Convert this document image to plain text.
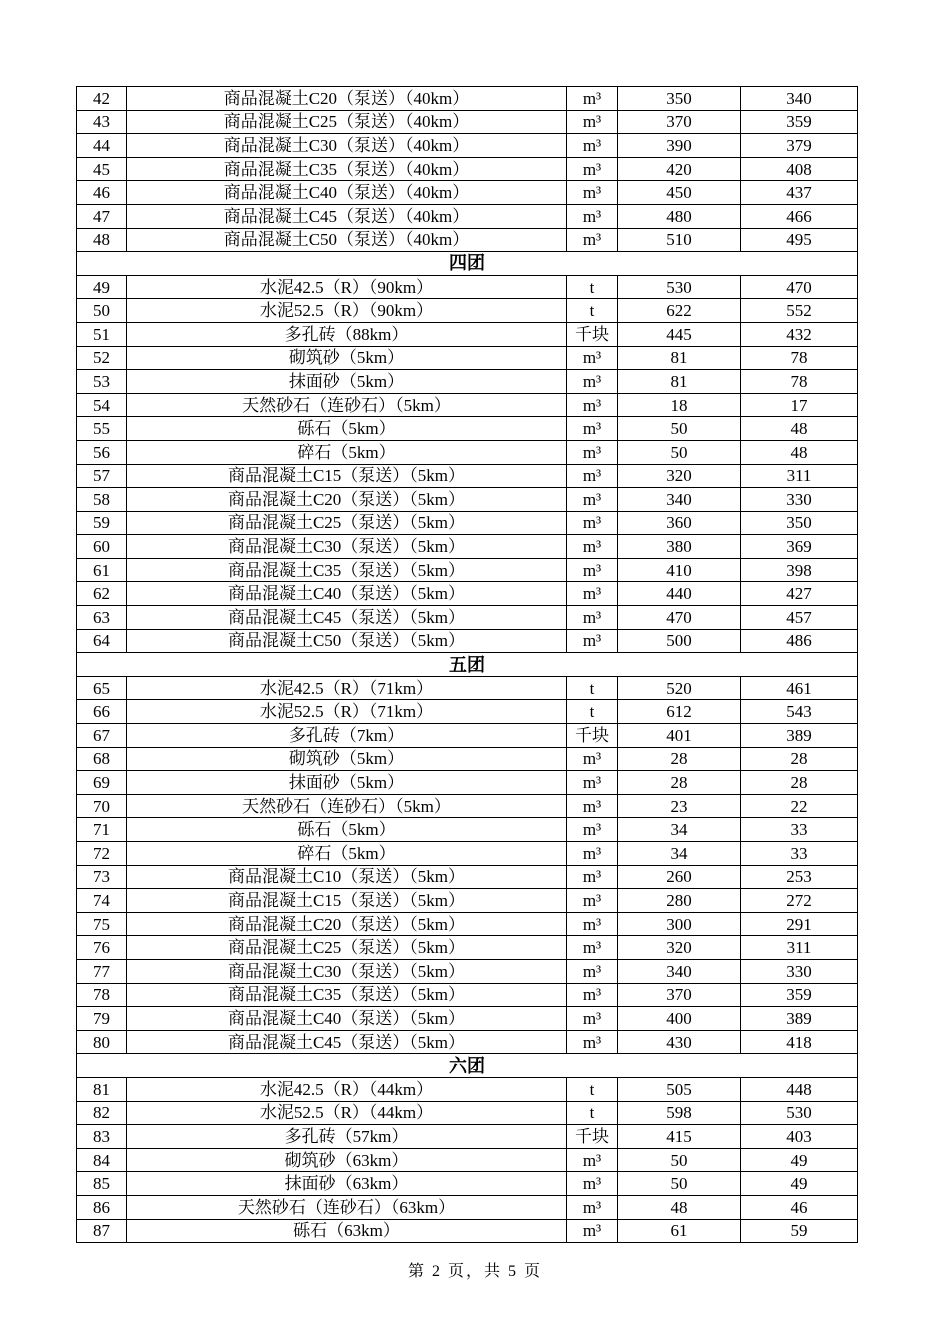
42	商品混凝土C20（泵送）（40km）	m³	350	340
43	商品混凝土C25（泵送）（40km）	m³	370	359
44	商品混凝土C30（泵送）（40km）	m³	390	379
45	商品混凝土C35（泵送）（40km）	m³	420	408
46	商品混凝土C40（泵送）（40km）	m³	450	437
47	商品混凝土C45（泵送）（40km）	m³	480	466
48	商品混凝土C50（泵送）（40km）	m³	510	495
四团				
49	水泥42.5（R）（90km）	t	530	470
50	水泥52.5（R）（90km）	t	622	552
51	多孔砖（88km）	千块	445	432
52	砌筑砂（5km）	m³	81	78
53	抹面砂（5km）	m³	81	78
54	天然砂石（连砂石）（5km）	m³	18	17
55	砾石（5km）	m³	50	48
56	碎石（5km）	m³	50	48
57	商品混凝土C15（泵送）（5km）	m³	320	311
58	商品混凝土C20（泵送）（5km）	m³	340	330
59	商品混凝土C25（泵送）（5km）	m³	360	350
60	商品混凝土C30（泵送）（5km）	m³	380	369
61	商品混凝土C35（泵送）（5km）	m³	410	398
62	商品混凝土C40（泵送）（5km）	m³	440	427
63	商品混凝土C45（泵送）（5km）	m³	470	457
64	商品混凝土C50（泵送）（5km）	m³	500	486
五团				
65	水泥42.5（R）（71km）	t	520	461
66	水泥52.5（R）（71km）	t	612	543
67	多孔砖（7km）	千块	401	389
68	砌筑砂（5km）	m³	28	28
69	抹面砂（5km）	m³	28	28
70	天然砂石（连砂石）（5km）	m³	23	22
71	砾石（5km）	m³	34	33
72	碎石（5km）	m³	34	33
73	商品混凝土C10（泵送）（5km）	m³	260	253
74	商品混凝土C15（泵送）（5km）	m³	280	272
75	商品混凝土C20（泵送）（5km）	m³	300	291
76	商品混凝土C25（泵送）（5km）	m³	320	311
77	商品混凝土C30（泵送）（5km）	m³	340	330
78	商品混凝土C35（泵送）（5km）	m³	370	359
79	商品混凝土C40（泵送）（5km）	m³	400	389
80	商品混凝土C45（泵送）（5km）	m³	430	418
六团				
81	水泥42.5（R）（44km）	t	505	448
82	水泥52.5（R）（44km）	t	598	530
83	多孔砖（57km）	千块	415	403
84	砌筑砂（63km）	m³	50	49
85	抹面砂（63km）	m³	50	49
86	天然砂石（连砂石）（63km）	m³	48	46
87	砾石（63km）	m³	61	59
第 2 页，共 5 页
